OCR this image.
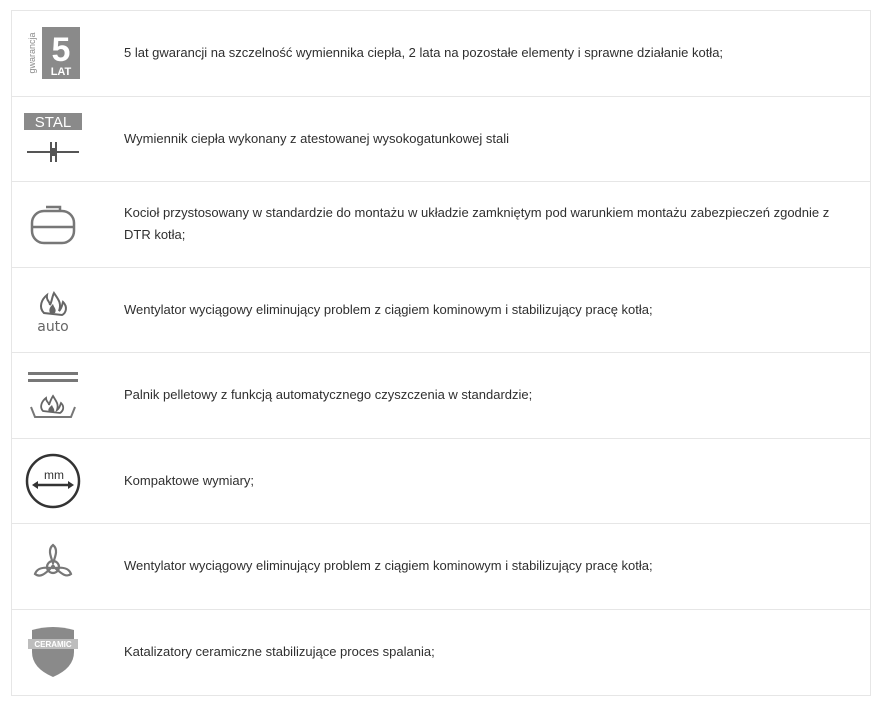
gwarancja 5
LAT
5 lat gwarancji na szczelność wymiennika ciepła, 2 lata na pozostałe elementy i sprawne działanie kotła;
STAL
Wymiennik ciepła wykonany z atestowanej wysokogatunkowej stali
Kocioł przystosowany w standardzie do montażu w układzie zamkniętym pod warunkiem montażu zabezpieczeń zgodnie z DTR kotła;
auto
Wentylator wyciągowy eliminujący problem z ciągiem kominowym i stabilizujący pracę kotła;
Palnik pelletowy z funkcją automatycznego czyszczenia w standardzie;
mm	Kompaktowe wymiary;
Wentylator wyciągowy eliminujący problem z ciągiem kominowym i stabilizujący pracę kotła;
CERAMIC	Katalizatory ceramiczne stabilizujące proces spalania;
